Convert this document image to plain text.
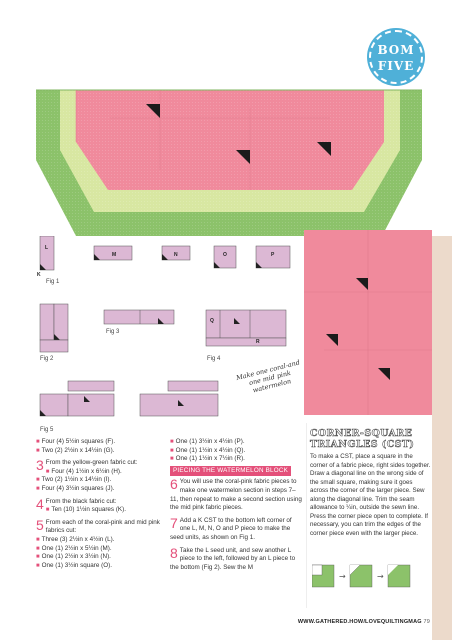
BOM
FIVE
L
M	N	O	P
K
Q
R
Fig 1
Fig 2
Fig 3
Fig 4
Fig 5
Make one coral-and one mid pink watermelon

■ Four (4) 5½in squares (F).

■ Two (2) 2½in x 14½in (G).

3 From the yellow-green fabric cut:

■ Four (4) 1½in x 6½in (H).

■ Two (2) 1½in x 14½in (I).

■ Four (4) 3½in squares (J).

4 From the black fabric cut:

■ Ten (10) 1½in squares (K).

5 From each of the coral-pink and mid pink fabrics cut:

■ Three (3) 2½in x 4½in (L).

■ One (1) 2½in x 5½in (M).

■ One (1) 2½in x 3½in (N).

■ One (1) 3½in square (O).

■ One (1) 3½in x 4½in (P).

■ One (1) 1½in x 4½in (Q).

■ One (1) 1½in x 7½in (R).

PIECING THE WATERMELON BLOCK

6 You will use the coral-pink fabric pieces to make one watermelon section in steps 7–11, then repeat to make a second section using the mid pink fabric pieces.

7 Add a K CST to the bottom left corner of one L, M, N, O and P piece to make the seed units, as shown on Fig 1.

8 Take the L seed unit, and sew another L piece to the left, followed by an L piece to the bottom (Fig 2). Sew the M

CORNER-SQUARE TRIANGLES (CST)
To make a CST, place a square in the corner of a fabric piece, right sides together. Draw a diagonal line on the wrong side of the small square, making sure it goes across the corner of the larger piece. Sew along the diagonal line. Trim the seam allowance to ¼in, outside the sewn line. Press the corner piece open to complete. If necessary, you can trim the edges of the corner piece even with the larger piece.
→	→
WWW.GATHERED.HOW/LOVEQUILTINGMAG 79
